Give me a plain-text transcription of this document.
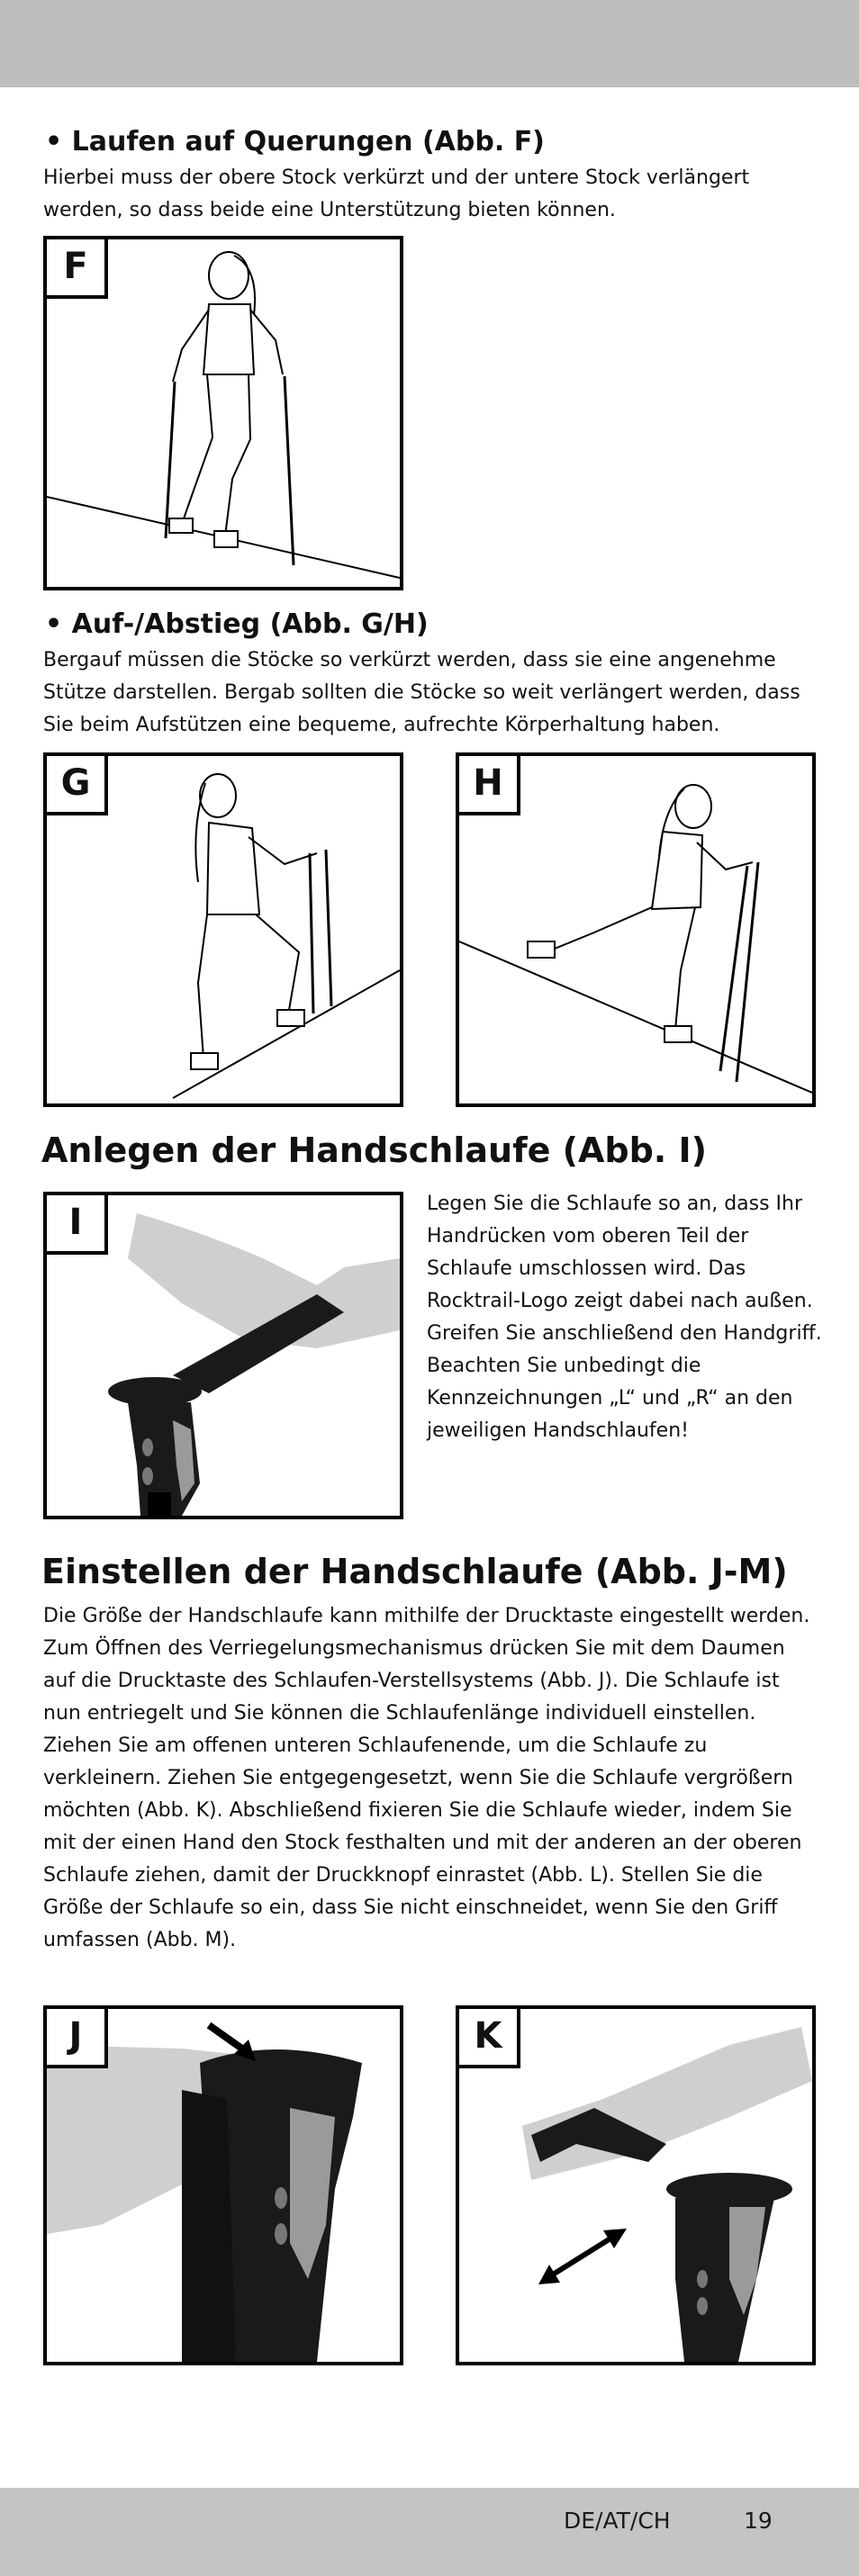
• Laufen auf Querungen (Abb. F)

Hierbei muss der obere Stock verkürzt und der untere Stock verlängert werden, so dass beide eine Unterstützung bieten können.

F
• Auf-/Abstieg (Abb. G/H)

Bergauf müssen die Stöcke so verkürzt werden, dass sie eine angenehme Stütze darstellen. Bergab sollten die Stöcke so weit verlängert werden, dass Sie beim Aufstützen eine bequeme, aufrechte Körperhaltung haben.

G	H
Anlegen der Handschlaufe (Abb. I)
I	Legen Sie die Schlaufe so an, dass Ihr Handrücken vom oberen Teil der Schlaufe umschlossen wird. Das Rocktrail-Logo zeigt dabei nach außen. Greifen Sie anschließend den Handgriff. Beachten Sie unbedingt die Kennzeichnungen „L“ und „R“ an den jeweiligen Handschlaufen!

Einstellen der Handschlaufe (Abb. J-M)

Die Größe der Handschlaufe kann mithilfe der Drucktaste eingestellt werden. Zum Öffnen des Verriegelungsmechanismus drücken Sie mit dem Daumen auf die Drucktaste des Schlaufen-Verstellsystems (Abb. J). Die Schlaufe ist nun entriegelt und Sie können die Schlaufenlänge individuell einstellen. Ziehen Sie am offenen unteren Schlaufenende, um die Schlaufe zu verkleinern. Ziehen Sie entgegengesetzt, wenn Sie die Schlaufe vergrößern möchten (Abb. K). Abschließend fixieren Sie die Schlaufe wieder, indem Sie mit der einen Hand den Stock festhalten und mit der anderen an der oberen Schlaufe ziehen, damit der Druckknopf einrastet (Abb. L). Stellen Sie die Größe der Schlaufe so ein, dass Sie nicht einschneidet, wenn Sie den Griff umfassen (Abb. M).

J	K
DE/AT/CH	19
